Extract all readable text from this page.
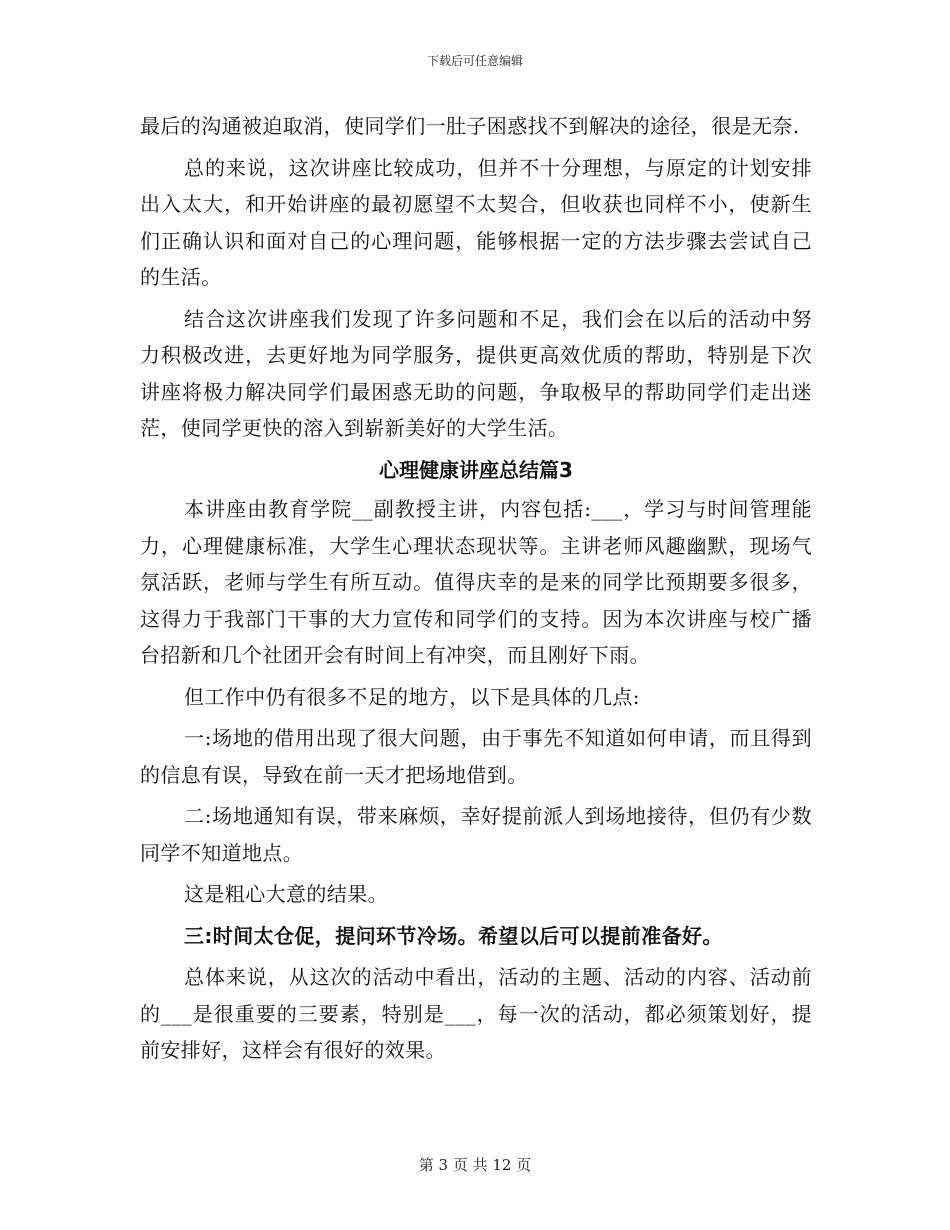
下载后可任意编辑

最后的沟通被迫取消，使同学们一肚子困惑找不到解决的途径，很是无奈.

总的来说，这次讲座比较成功，但并不十分理想，与原定的计划安排出入太大，和开始讲座的最初愿望不太契合，但收获也同样不小，使新生们正确认识和面对自己的心理问题，能够根据一定的方法步骤去尝试自己的生活。

结合这次讲座我们发现了许多问题和不足，我们会在以后的活动中努力积极改进，去更好地为同学服务，提供更高效优质的帮助，特别是下次讲座将极力解决同学们最困惑无助的问题，争取极早的帮助同学们走出迷茫，使同学更快的溶入到崭新美好的大学生活。

心理健康讲座总结篇3

本讲座由教育学院__副教授主讲，内容包括:___，学习与时间管理能力，心理健康标准，大学生心理状态现状等。主讲老师风趣幽默，现场气氛活跃，老师与学生有所互动。值得庆幸的是来的同学比预期要多很多，这得力于我部门干事的大力宣传和同学们的支持。因为本次讲座与校广播台招新和几个社团开会有时间上有冲突，而且刚好下雨。

但工作中仍有很多不足的地方，以下是具体的几点:

一:场地的借用出现了很大问题，由于事先不知道如何申请，而且得到的信息有误，导致在前一天才把场地借到。

二:场地通知有误，带来麻烦，幸好提前派人到场地接待，但仍有少数同学不知道地点。

这是粗心大意的结果。

三:时间太仓促，提问环节冷场。希望以后可以提前准备好。

总体来说，从这次的活动中看出，活动的主题、活动的内容、活动前的___是很重要的三要素，特别是___，每一次的活动，都必须策划好，提前安排好，这样会有很好的效果。

第 3 页 共 12 页
